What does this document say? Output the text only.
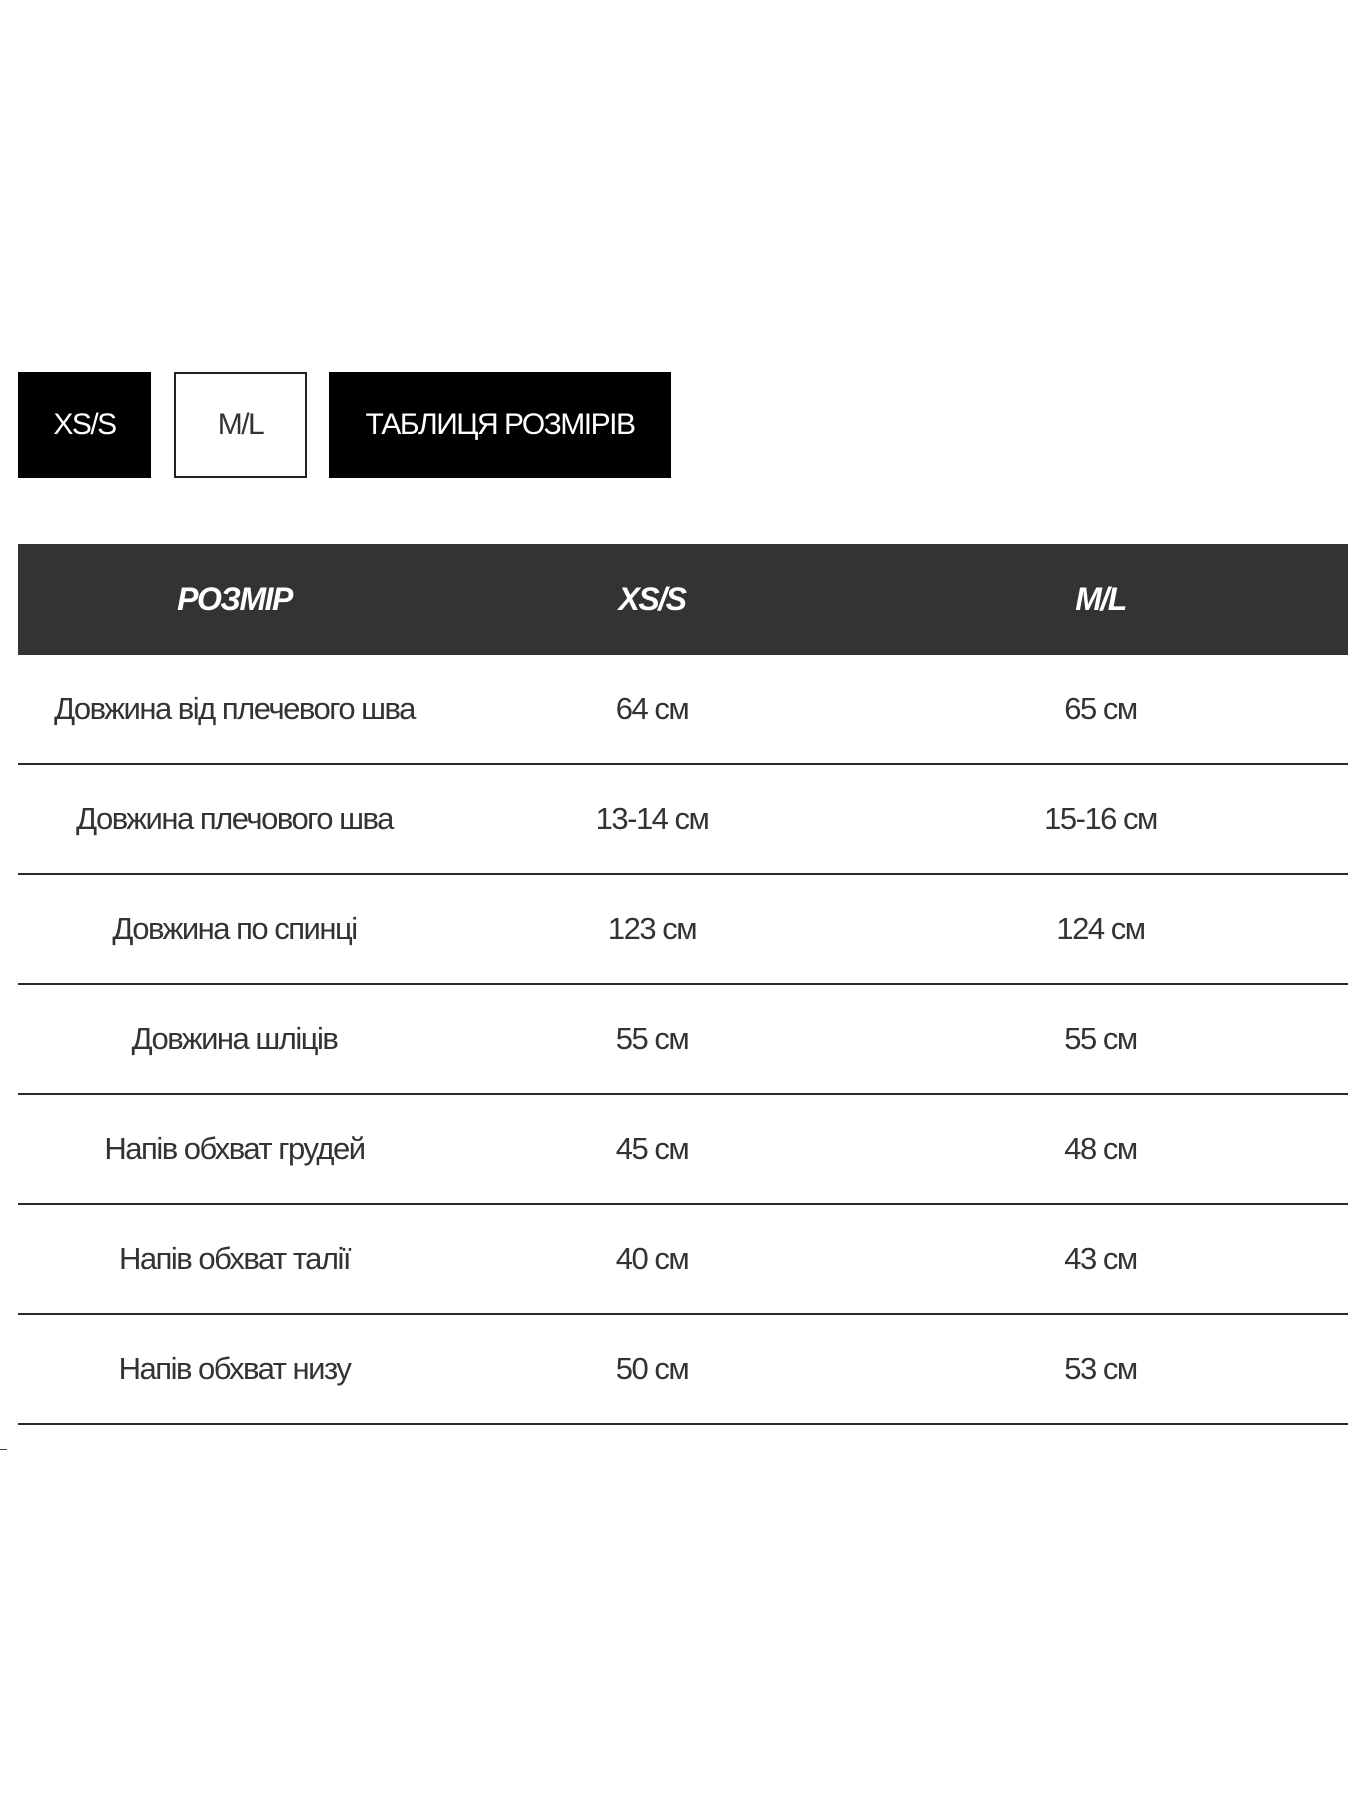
XS/S	M/L	ТАБЛИЦЯ РОЗМІРІВ
РОЗМІР	XS/S	M/L
Довжина від плечевого шва	64 см	65 см
Довжина плечового шва	13-14 см	15-16 см
Довжина по спинці	123 см	124 см
Довжина шліців	55 см	55 см
Напів обхват грудей	45 см	48 см
Напів обхват талії	40 см	43 см
Напів обхват низу	50 см	53 см
